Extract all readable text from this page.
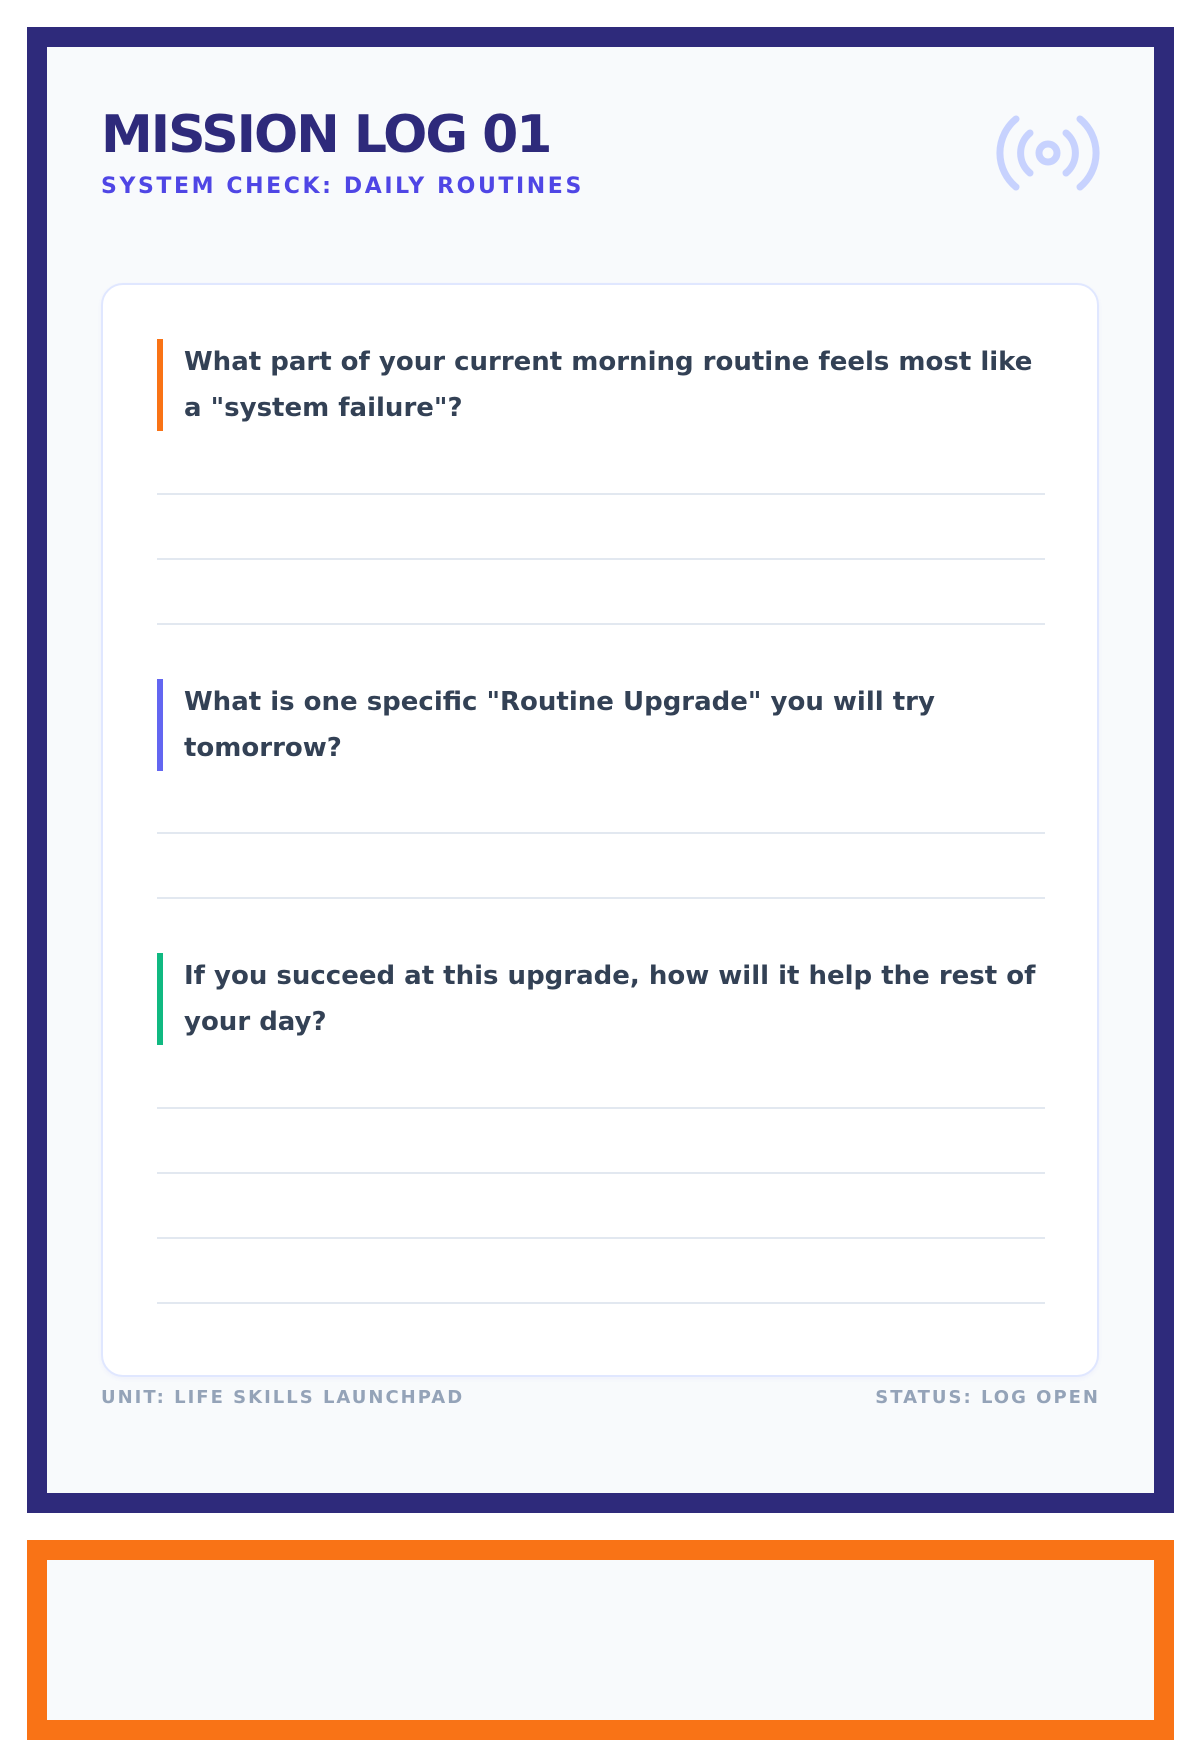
MISSION LOG 01
SYSTEM CHECK: DAILY ROUTINES
What part of your current morning routine feels most like a "system failure"?
What is one specific "Routine Upgrade" you will try tomorrow?
If you succeed at this upgrade, how will it help the rest of your day?
UNIT: LIFE SKILLS LAUNCHPAD	STATUS: LOG OPEN
